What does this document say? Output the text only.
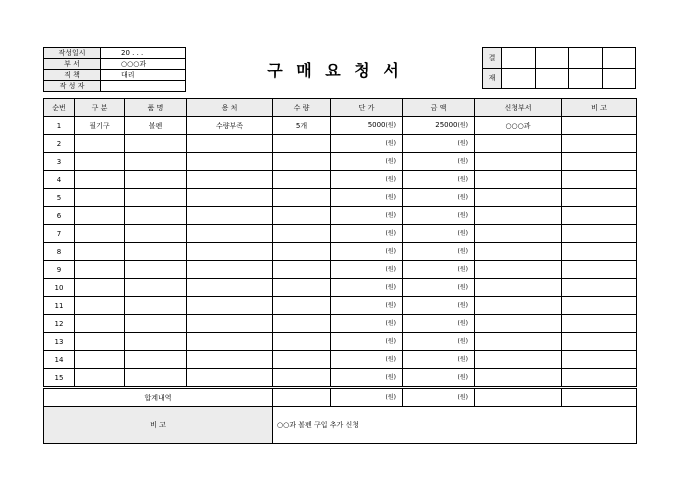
작성일시	20 . . .
부 서	○○○과
직 책	대리
작 성 자	
구 매 요 청 서
결				
재				
순번	구 분	품 명	용 처	수 량	단 가	금 액	신청부서	비 고
1	필기구	볼펜	수량부족	5개	5000(원)	25000(원)	○○○과	
2					(원)	(원)		
3					(원)	(원)		
4					(원)	(원)		
5					(원)	(원)		
6					(원)	(원)		
7					(원)	(원)		
8					(원)	(원)		
9					(원)	(원)		
10					(원)	(원)		
11					(원)	(원)		
12					(원)	(원)		
13					(원)	(원)		
14					(원)	(원)		
15					(원)	(원)		
합계내역					(원)	(원)		
비 고				○○과 볼펜 구입 추가 신청				
